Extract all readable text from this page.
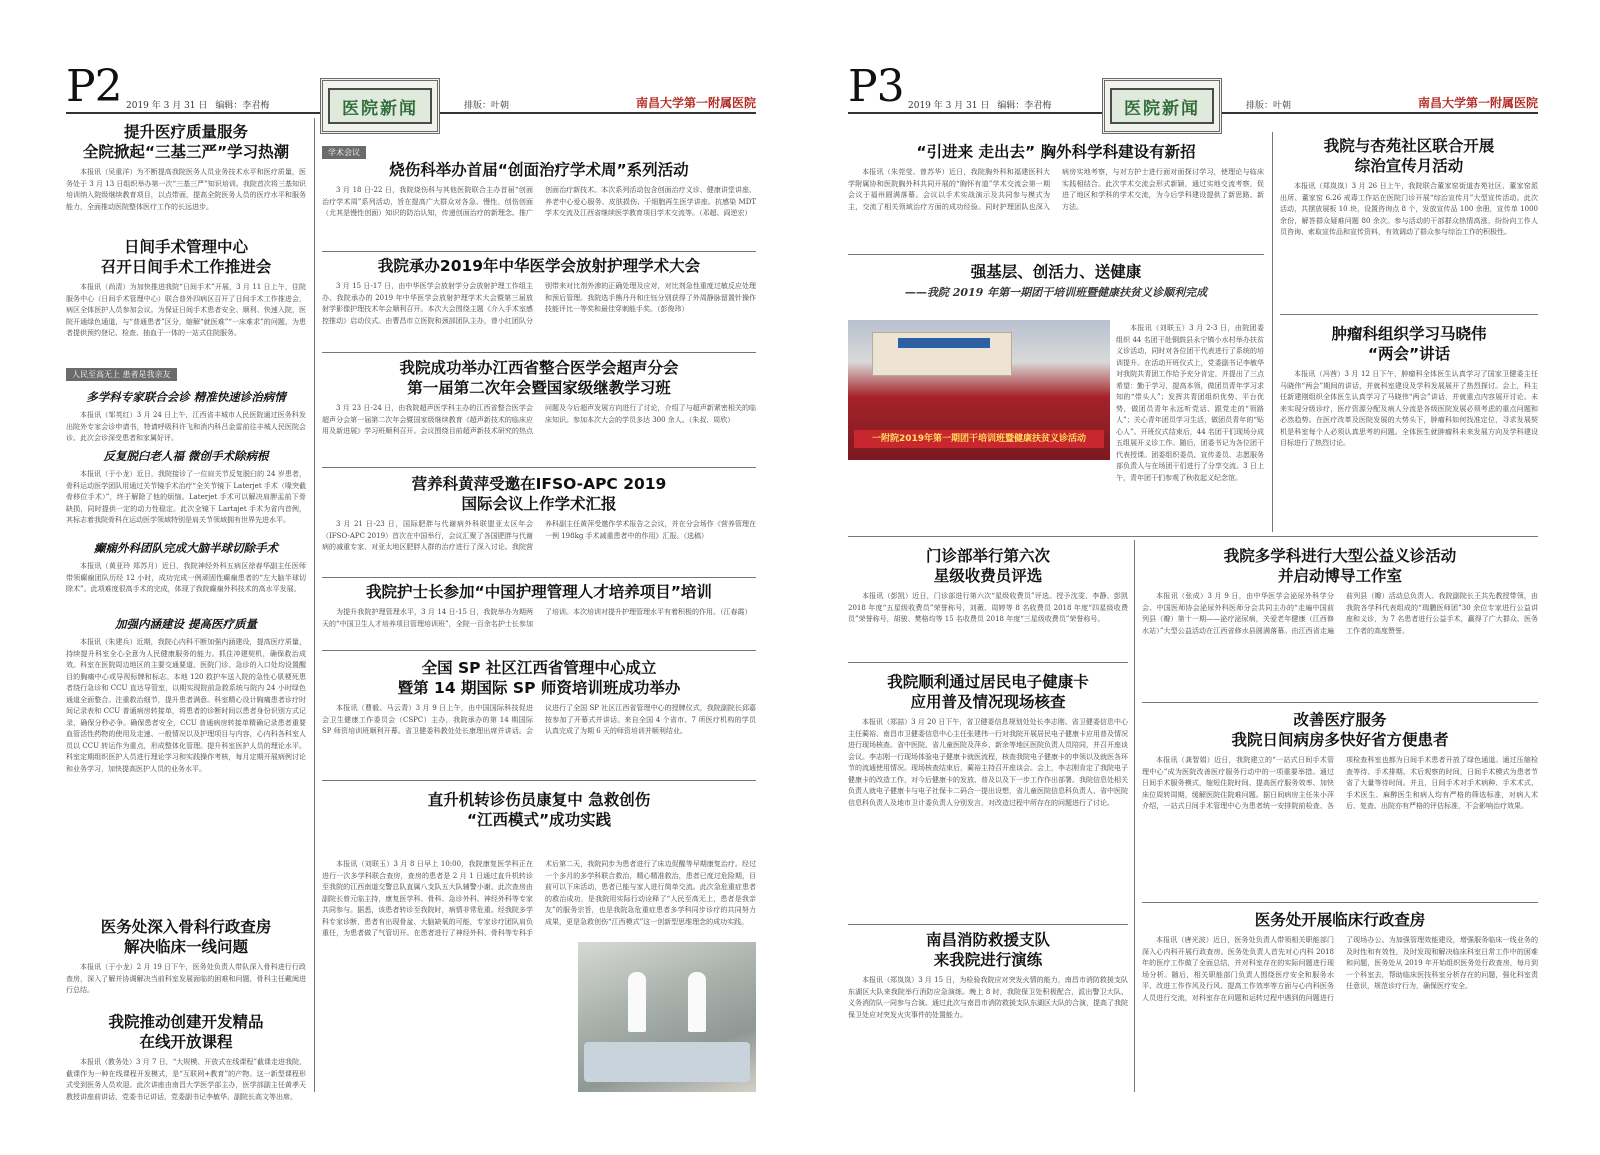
P2 2019 年 3 月 31 日 编辑：李君梅	医院新闻	排版：叶朝	南昌大学第一附属医院
提升医疗质量服务
全院掀起“三基三严”学习热潮

本报讯（吴重洋）为不断提高我院医务人员业务技术水平和医疗质量，医务处于 3 月 13 日组织举办第一次“三基三严”知识培训。我院首次将三基知识培训纳入院级继续教育项目，以点带面，提高全院医务人员的医疗水平和服务能力，全面推动医院整体医疗工作的长远进步。

日间手术管理中心
召开日间手术工作推进会

本报讯（尚清）为加快推进我院“日间手术”开展，3 月 11 日上午，住院服务中心（日间手术管理中心）联合普外四病区召开了日间手术工作推进会，病区全体医护人员参加会议。为保证日间手术患者安全、顺利、快速入院，医院开通绿色通道，与“普通患者”区分，缩解“就医难”“一床难求”的问题，为患者提供预约登记、检查、抽血于一体的一站式住院服务。

人民至高无上 患者是我亲友
多学科专家联合会诊 精准快速诊治病情

本报讯（邹英红）3 月 24 日上午，江西省丰城市人民医院通过医务科发出院外专家会诊申请书，特请呼吸科许飞和消内科吕金雷前往丰城人民医院会诊。此次会诊深受患者和家属好评。

反复脱臼老人福 微创手术除病根

本报讯（于小龙）近日，我院接诊了一位肩关节反复脱臼的 24 岁患者，骨科运动医学团队用通过关节镜手术治疗“全关节镜下 Laterjet 手术（喙突截骨移位手术）”，终于解除了他的烦恼。Laterjet 手术可以解决肩胛盂前下骨缺损，同时提供一定的动力性稳定。此次全镜下 Lartajet 手术为省内首例，其标志着我院骨科在运动医学领域特别是肩关节领域拥有世界先进水平。

癫痫外科团队完成大脑半球切除手术

本报讯（黄亚玲 郑苏月）近日，我院神经外科五病区徐春华副主任医师带领癫痫团队历经 12 小时，成功完成一例顽固性癫痫患者的“左大脑半球切除术”。此项难度很高手术的完成，体现了我院癫痫外科技术的高水平发展。

加强内涵建设 提高医疗质量

本报讯（朱建兵）近期，我院心内科不断加强内涵建设，提高医疗质量，持续提升科室全心全意为人民健康服务的能力。抓住冲建契机，确保救治成效。科室在医院周边地区的主要交通要道、医院门诊、急诊的入口处均设置醒目的胸痛中心或导视标牌和标志。本地 120 救护车送入院的急性心肌梗死患者绕行急诊和 CCU 直达导管室，以期实现院前急救系统与院内 24 小时绿色通道全面整合。注重救治细节，提升患者满意。科室精心设计胸痛患者诊疗时间记录表和 CCU 普通病房转接单，将患者的诊断时间以患者身份识别方式记录，确保分秒必争。确保患者安全，CCU 普通病房转接单精确记录患者重要血管活性药物的使用及走速、一般情况以及护理项目与内容，心内科各科室人员以 CCU 转运作为重点，形成整体化管理。提升科室医护人员的理论水平。科室定期组织医护人员进行理论学习和实践操作考核，每月定期开展病例讨论和业务学习，加快提高医护人员的业务水平。

医务处深入骨科行政查房
解决临床一线问题

本报讯（于小龙）2 月 19 日下午，医务处负责人带队深入骨科进行行政查房，深入了解并协调解决当前科室发展面临的困难和问题，骨科主任戴闽进行总结。

我院推动创建开发精品
在线开放课程

本报讯（教务处）3 月 7 日，“大规模、开放式在线课程”截课走进我院，截课作为一种在线课程开发模式，是“互联网+教育”的产物。这一新型课程形式受到医务人员欢迎。此次讲座由南昌大学医学部主办，医学部副主任黄孝天教授讲座前讲话，党委书记讲话，党委副书记李敏华、副院长高文等出席。

学术会议
烧伤科举办首届“创面治疗学术周”系列活动

3 月 18 日-22 日，我院烧伤科与其他医院联合主办首届“创面治疗学术周”系列活动，旨在提高广大群众对各急、慢性、创伤创面（尤其是慢性创面）知识的防治认知，传递创面治疗的新理念。推广创面治疗新技术。本次系列活动包含创面治疗义诊、健康讲堂讲座、养老中心爱心服务、皮肤损伤、干细胞再生医学讲座。抗感染 MDT 学术交流及江西省继续医学教育项目学术交流等。（邓超、阎逆宏）

我院承办2019年中华医学会放射护理学术大会

3 月 15 日-17 日，由中华医学会放射学分会放射护理工作组主办、我院承办的 2019 年中华医学会放射护理学术大会暨第三届放射学影像护理技术年会顺利召开。本次大会围绕主题《介入手术室感控推动》启动仪式。由曹昌市立医院和颈部团队主办，曾小红团队分别带来对比剂外渗的正确处理及应对，对比剂急性重度过敏反应处理和预后管理。我院选手熊丹丹和庄钰分别获得了外周静脉留置针操作技能评比一等奖和最佳穿刺能手奖。（彭俊玮）

我院成功举办江西省整合医学会超声分会
第一届第二次年会暨国家级继教学习班

3 月 23 日-24 日，由我院超声医学科主办的江西省整合医学会超声分会第一届第二次年会暨国家级继续教育《超声新技术的临床应用及新进展》学习班顺利召开。会议围绕目前超声新技术研究的热点问题及今后超声发展方向进行了讨论，介绍了与超声新紧密相关的临床知识。参加本次大会的学员多达 300 余人。（朱叔、周欣）

营养科黄萍受邀在IFSO-APC 2019
国际会议上作学术汇报

3 月 21 日-23 日，国际肥胖与代谢病外科联盟亚太区年会（IFSO-APC 2019）首次在中国举行，会议汇聚了各国肥胖与代谢病的减重专家、对亚太地区肥胖人群的治疗进行了深入讨论。我院营养科副主任黄萍受邀作学术报告之会议，并在分会场作《营养管理在一例 198kg 手术减重患者中的作用》汇报。（选稿）

我院护士长参加“中国护理管理人才培养项目”培训

为提升我院护理管理水平，3 月 14 日-15 日，我院举办为期两天的“中国卫生人才培养项目管理培训班”，全院一百余名护士长参加了培训。本次培训对提升护理管理水平有着积极的作用。（江春霞）

全国 SP 社区江西省管理中心成立
暨第 14 期国际 SP 师资培训班成功举办

本报讯（曹毅、马云青）3 月 9 日上午，由中国国际科技促进会卫生健康工作委员会（CSPC）主办，我院承办的第 14 期国际 SP 师资培训班顺利开幕。省卫健委科教处处长康理出席并讲话。会议进行了全国 SP 社区江西省管理中心的授牌仪式，我院副院长邱嘉按参加了开幕式并讲话。来自全国 4 个省市、7 所医疗机构的学员认真完成了为期 6 天的师资培训并顺利结业。

直升机转诊伤员康复中 急救创伤
“江西模式”成功实践

本报讯（刘联玉）3 月 8 日早上 10:00，我院康复医学科正在进行一次多学科联合查房，查房的患者是 2 月 1 日通过直升机转诊至我院的江西南道交警总队直属八支队五大队辅警小谢。此次查房由副院长曾元临主持，康复医学科、骨科、急诊外科、神经外科等专家共同参与。据悉，该患者转诊至我院时，病情非常危重。经我院多学科专家诊断，患者有出现骨盆、大脑缺氧的可能，专家诊疗团队肩负重任，为患者做了气管切开。在患者进行了神经外科、骨科等专科手术后第二天，我院同步为患者进行了床边促醒等早期康复治疗。经过一个多月的多学科联合救治，精心精准救治，患者已度过危险期，目前可以下床活动，患者已能与家人进行简单交流。此次急危重症患者的救治成功，是我院用实际行动诠释了“人民至高无上，患者是我亲友”的服务宗旨，也是我院急危重症患者多学科同步诊疗的共同努力成果，更是急救创伤“江西模式”这一创新型思维理念的成功实践。

P3 2019 年 3 月 31 日 编辑：李君梅	医院新闻	排版：叶朝	南昌大学第一附属医院
“引进来 走出去” 胸外科学科建设有新招

本报讯（朱莞莹、曾苏华）近日，我院胸外科和福建医科大学附属协和医院胸外科共同开展的“胸怀有道”学术交流会第一期会议于福州圆满落幕。会议以手术实战演示及共同参与模式为主，交流了相关领域治疗方面的成功经验。同时护理团队也深入病房实地考察，与对方护士进行面对面探讨学习，使理论与临床实践相结合。此次学术交流会形式新颖，通过实地交流考察，促进了地区和学科的学术交流，为今后学科建设提供了新思路、新方法。

我院与杏苑社区联合开展
综治宣传月活动

本报讯（郑岚岚）3 月 26 日上午，我院联合董家窑街道杏苑社区、董家窑派出所、董家窑 6.26 戒毒工作站在医院门诊开展“综治宣传月”大型宣传活动。此次活动，共摆放展板 10 块，设置咨询点 8 个，发放宣传品 100 余册，宣传单 1000 余份，解答群众疑难问题 80 余次。参与活动的干部群众热情高涨，纷纷向工作人员咨询、索取宣传品和宣传资料，有效调动了群众参与综治工作的积极性。

肿瘤科组织学习马晓伟
“两会”讲话

本报讯（冯茜）3 月 12 日下午，肿瘤科全体医生认真学习了国家卫健委主任马晓伟“两会”期间的讲话，并就科室建设及学科发展展开了热烈探讨。会上，科主任新建刚组织全体医生认真学习了马晓伟“两会”讲话，并就重点内容展开讨论。未来实现分级诊疗，医疗资源分配及病人分流是各级医院发展必须考虑的重点问题和必然趋势。在医疗改革及医院发展的大势头下，肿瘤科如何找准定位，寻求发展契机是科室每个人必须认真思考的问题。全体医生就肿瘤科未来发展方向及学科建设目标进行了热烈讨论。

强基层、创活力、送健康
——我院 2019 年第一期团干培训班暨健康扶贫义诊顺利完成
一附院2019年第一期团干培训班暨健康扶贫义诊活动

本报讯（刘联玉）3 月 2-3 日，由院团委组织 44 名团干赴铜鼓县永宁镇小水村举办扶贫义诊活动，同时对各位团干代表进行了系统的培训提升。在活动开班仪式上，党委副书记李敏华对我院共青团工作给予充分肯定，并提出了三点希望：勤于学习，提高本领，做团员青年学习求知的“带头人”；发挥共青团组织优势、平台优势，做团员青年永远听党话、跟党走的“领路人”；关心青年团员学习生活，做团员青年的“贴心人”。开班仪式结束后，44 名团干们现场分成五组展开义诊工作。随后，团委书记为各位团干代表授课。团委组织委员、宣传委员、志愿服务部负责人与在场团干们进行了分享交流。3 日上午，青年团干们参观了秋收起义纪念馆。

门诊部举行第六次
星级收费员评选

本报讯（彭凯）近日，门诊部进行第六次“星级收费员”评选。授予沈雯、李静、彭凯 2018 年度“五星级收费员”荣誉称号，刘薇、周婷等 8 名收费员 2018 年度“四星级收费员”荣誉称号，胡骏、樊格均等 15 名收费员 2018 年度“三星级收费员”荣誉称号。

我院顺利通过居民电子健康卡
应用普及情况现场核查

本报讯（郑喆）3 月 20 日下午，省卫健委信息规划处处长李志刚、省卫健委信息中心主任蔺裕、南昌市卫健委信息中心主任张建伟一行对我院开展居民电子健康卡应用普及情况进行现场核查。省中医院、省儿童医院及萍乡、新余等地区医院负责人员陪同，并召开座谈会议。李志刚一行现场体验电子健康卡就医流程，核查我院电子健康卡的申领以及就医各环节的流通使用情况。现场核查结束后，蔺裕主持召开座谈会。会上，李志刚肯定了我院电子健康卡的改造工作，对今后健康卡的发放、普及以及下一步工作作出部署。我院信息处相关负责人就电子健康卡与电子社保卡二码合一提出设想，省儿童医院信息科负责人、省中医院信息科负责人及地市卫计委负责人分别发言，对改造过程中所存在的问题进行了讨论。

南昌消防救援支队
来我院进行演练

本报讯（郑岚岚）3 月 15 日，为检验我院应对突发火情的能力，南昌市消防救援支队东湖区大队来我院举行消防应急演练。晚上 8 时，我院保卫处积极配合，派出警卫大队、义务消防队一同参与合演。通过此次与南昌市消防救援支队东湖区大队的合演，提高了我院保卫处应对突发火灾事件的处置能力。

我院多学科进行大型公益义诊活动
并启动博导工作室

本报讯（张成）3 月 9 日，由中华医学会泌尿外科学分会、中国医师协会泌尿外科医师分会共同主办的“走遍中国前列县（瓣）第十一期——泌疗泌尿病，关爱老年健康（江西修水站）”大型公益活动在江西省修水县圆满落幕。由江西省走遍前列县（瓣）活动总负责人、我院副院长王共先教授带领，由我院各学科代表组成的“瑞鹏医师团”30 余位专家进行公益讲座和义诊，为 7 名患者进行公益手术，赢得了广大群众、医务工作者的高度赞誉。

改善医疗服务
我院日间病房多快好省方便患者

本报讯（龚智娟）近日，我院建立的“一站式日间手术管理中心”成为医院改善医疗服务行动中的一项重要举措。通过日间手术服务模式，缩短住院时间、提高医疗服务效率、加快床位周转周期，缓解医院住院难问题。据日间病房主任朱小萍介绍，一站式日间手术管理中心为患者统一安排院前检查、各项检查科室也都为日间手术患者开放了绿色通道。通过压缩检查等待、手术排期、术后观察的时间，日间手术模式为患者节省了大量等待时间。并且，日间手术对手术病种、手术术式、手术医生、麻醉医生和病人均有严格的筛选标准，对病人术后、复查、出院亦有严格的评估标准，不会影响治疗效果。

医务处开展临床行政查房

本报讯（唐光波）近日，医务处负责人带领相关职能部门深入心内科开展行政查房。医务处负责人首先对心内科 2018 年的医疗工作做了全面总结，并对科室存在的实际问题进行现场分析。随后，相关职能部门负责人围绕医疗安全和服务水平、改进工作作风及行风、提高工作效率等方面与心内科医务人员进行交流，对科室存在问题和运转过程中遇到的问题进行了现场办公。为加强管理效能建设，增强服务临床一线业务的及时性和有效性，及时发现和解决临床科室日常工作中的困难和问题，医务处从 2019 年开始组织医务处行政查房，每月到一个科室去，帮助临床医技科室分析存在的问题，强化科室责任意识，规范诊疗行为，确保医疗安全。
